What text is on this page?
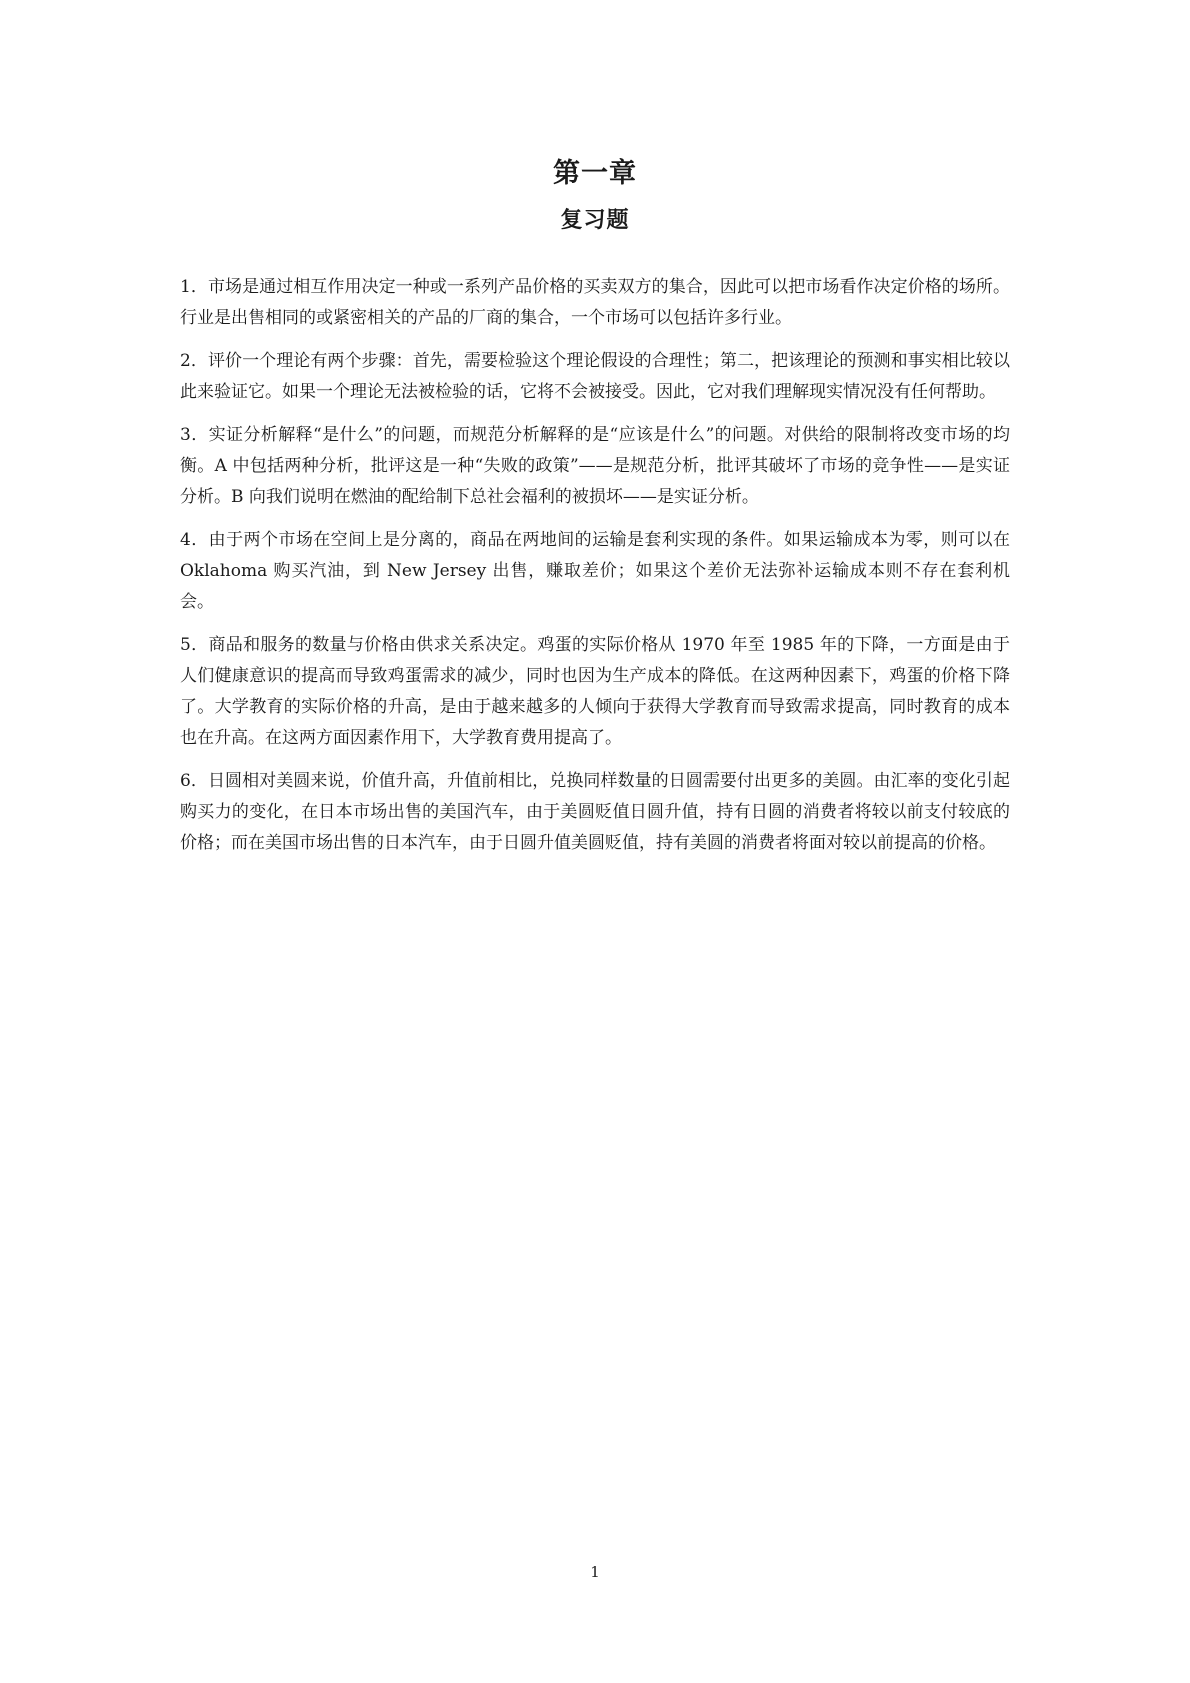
第一章
复习题

1．市场是通过相互作用决定一种或一系列产品价格的买卖双方的集合，因此可以把市场看作决定价格的场所。行业是出售相同的或紧密相关的产品的厂商的集合，一个市场可以包括许多行业。

2．评价一个理论有两个步骤：首先，需要检验这个理论假设的合理性；第二，把该理论的预测和事实相比较以此来验证它。如果一个理论无法被检验的话，它将不会被接受。因此，它对我们理解现实情况没有任何帮助。

3．实证分析解释“是什么”的问题，而规范分析解释的是“应该是什么”的问题。对供给的限制将改变市场的均衡。A 中包括两种分析，批评这是一种“失败的政策”——是规范分析，批评其破坏了市场的竞争性——是实证分析。B 向我们说明在燃油的配给制下总社会福利的被损坏——是实证分析。

4．由于两个市场在空间上是分离的，商品在两地间的运输是套利实现的条件。如果运输成本为零，则可以在 Oklahoma 购买汽油，到 New Jersey 出售，赚取差价；如果这个差价无法弥补运输成本则不存在套利机会。

5．商品和服务的数量与价格由供求关系决定。鸡蛋的实际价格从 1970 年至 1985 年的下降，一方面是由于人们健康意识的提高而导致鸡蛋需求的减少，同时也因为生产成本的降低。在这两种因素下，鸡蛋的价格下降了。大学教育的实际价格的升高，是由于越来越多的人倾向于获得大学教育而导致需求提高，同时教育的成本也在升高。在这两方面因素作用下，大学教育费用提高了。

6．日圆相对美圆来说，价值升高，升值前相比，兑换同样数量的日圆需要付出更多的美圆。由汇率的变化引起购买力的变化，在日本市场出售的美国汽车，由于美圆贬值日圆升值，持有日圆的消费者将较以前支付较底的价格；而在美国市场出售的日本汽车，由于日圆升值美圆贬值，持有美圆的消费者将面对较以前提高的价格。

1
